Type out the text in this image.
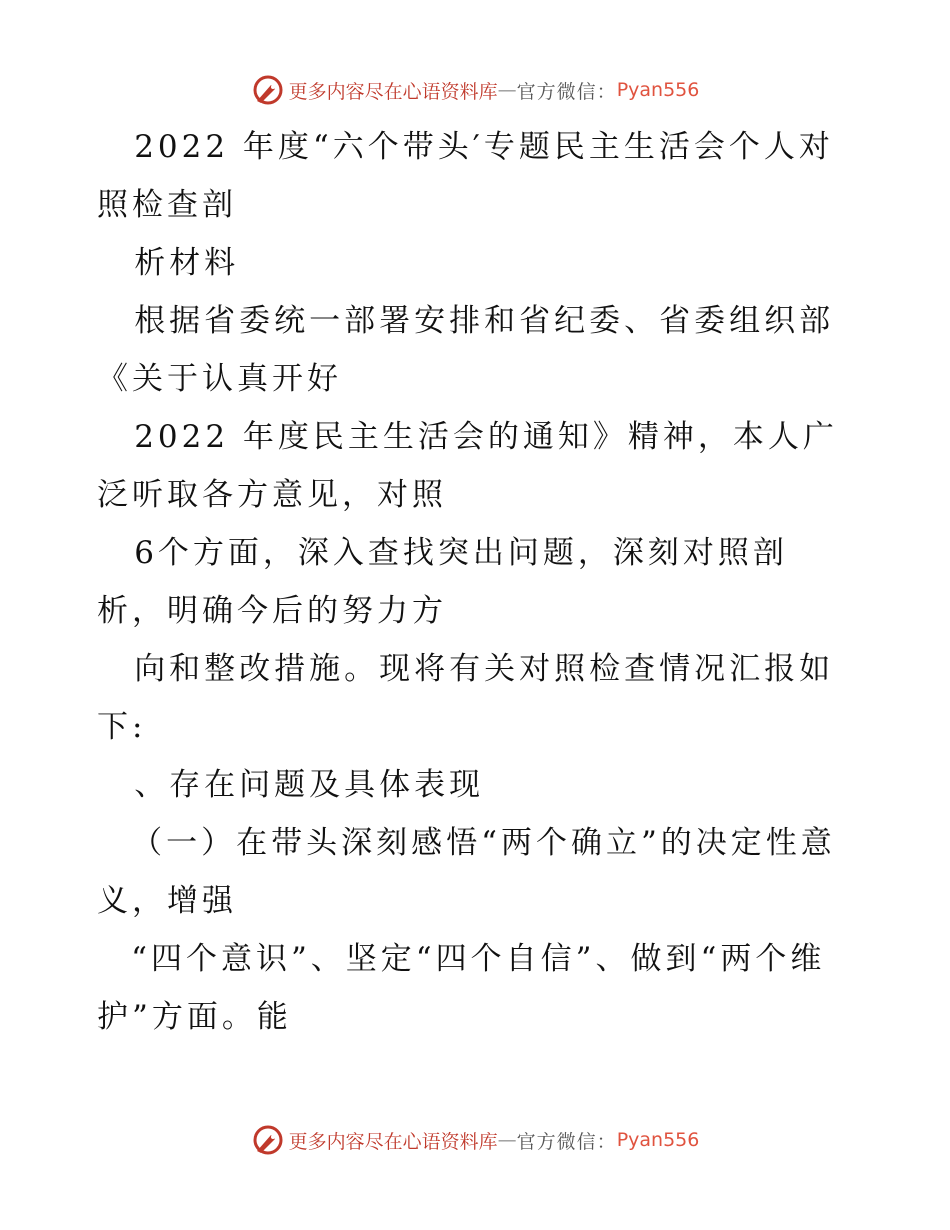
更多内容尽在心语资料库 — 官方微信： Pyan556

2022 年度“六个带头′专题民主生活会个人对照检查剖

析材料

根据省委统一部署安排和省纪委、省委组织部《关于认真开好

2022 年度民主生活会的通知》精神，本人广泛听取各方意见，对照

6个方面，深入查找突出问题，深刻对照剖析，明确今后的努力方

向和整改措施。现将有关对照检查情况汇报如下:

、存在问题及具体表现

（一）在带头深刻感悟“两个确立”的决定性意义，增强

“四个意识”、坚定“四个自信”、做到“两个维护”方面。能

更多内容尽在心语资料库 — 官方微信： Pyan556
